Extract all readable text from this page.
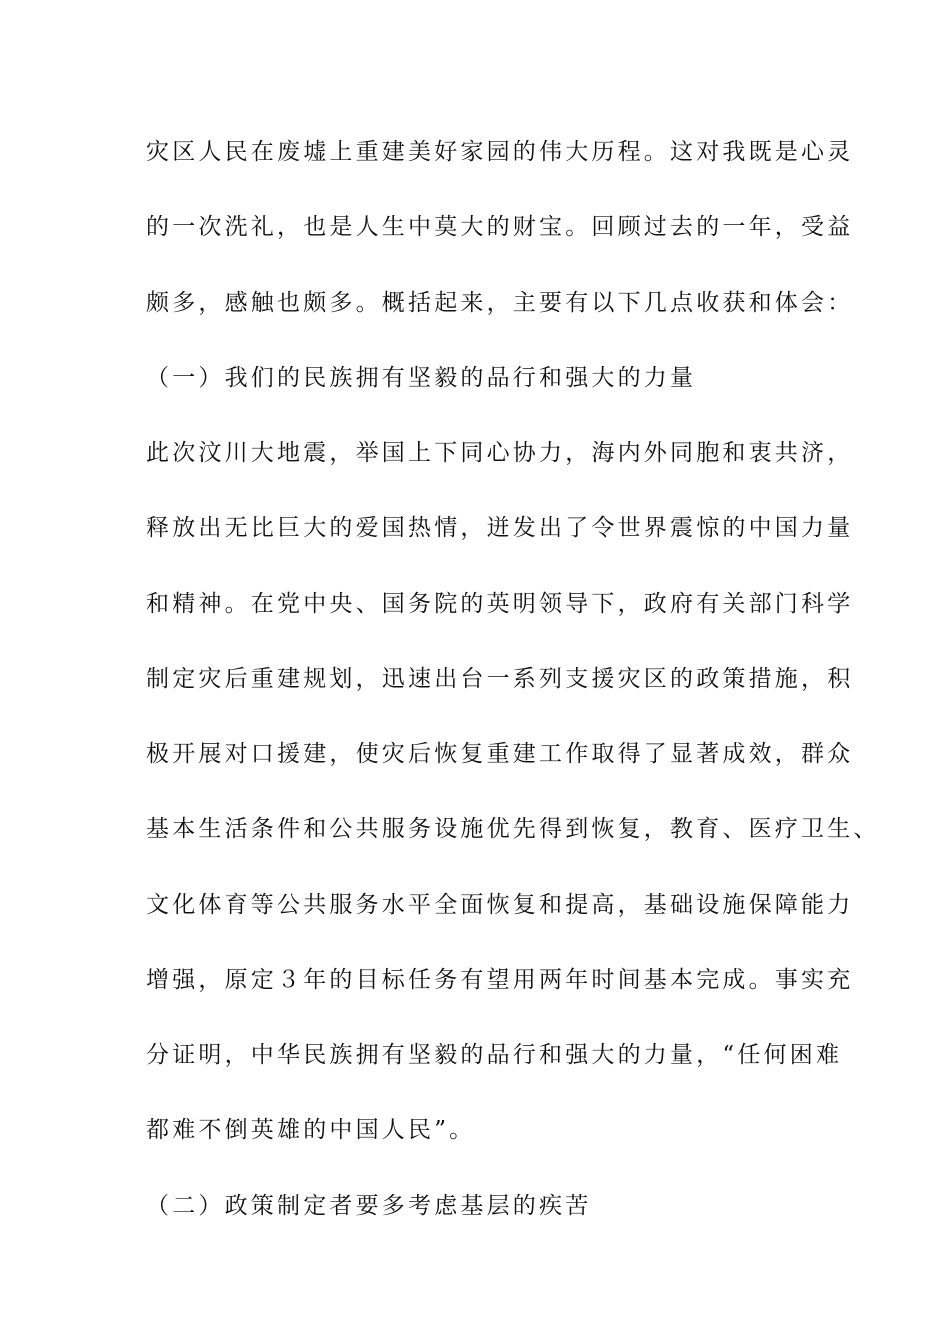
灾区人民在废墟上重建美好家园的伟大历程。这对我既是心灵
的一次洗礼，也是人生中莫大的财宝。回顾过去的一年，受益
颇多，感触也颇多。概括起来，主要有以下几点收获和体会：
（一）我们的民族拥有坚毅的品行和强大的力量
此次汶川大地震，举国上下同心协力，海内外同胞和衷共济，
释放出无比巨大的爱国热情，迸发出了令世界震惊的中国力量
和精神。在党中央、国务院的英明领导下，政府有关部门科学
制定灾后重建规划，迅速出台一系列支援灾区的政策措施，积
极开展对口援建，使灾后恢复重建工作取得了显著成效，群众
基本生活条件和公共服务设施优先得到恢复，教育、医疗卫生、
文化体育等公共服务水平全面恢复和提高，基础设施保障能力
增强，原定３年的目标任务有望用两年时间基本完成。事实充
分证明，中华民族拥有坚毅的品行和强大的力量，“任何困难
都难不倒英雄的中国人民”。
（二）政策制定者要多考虑基层的疾苦
